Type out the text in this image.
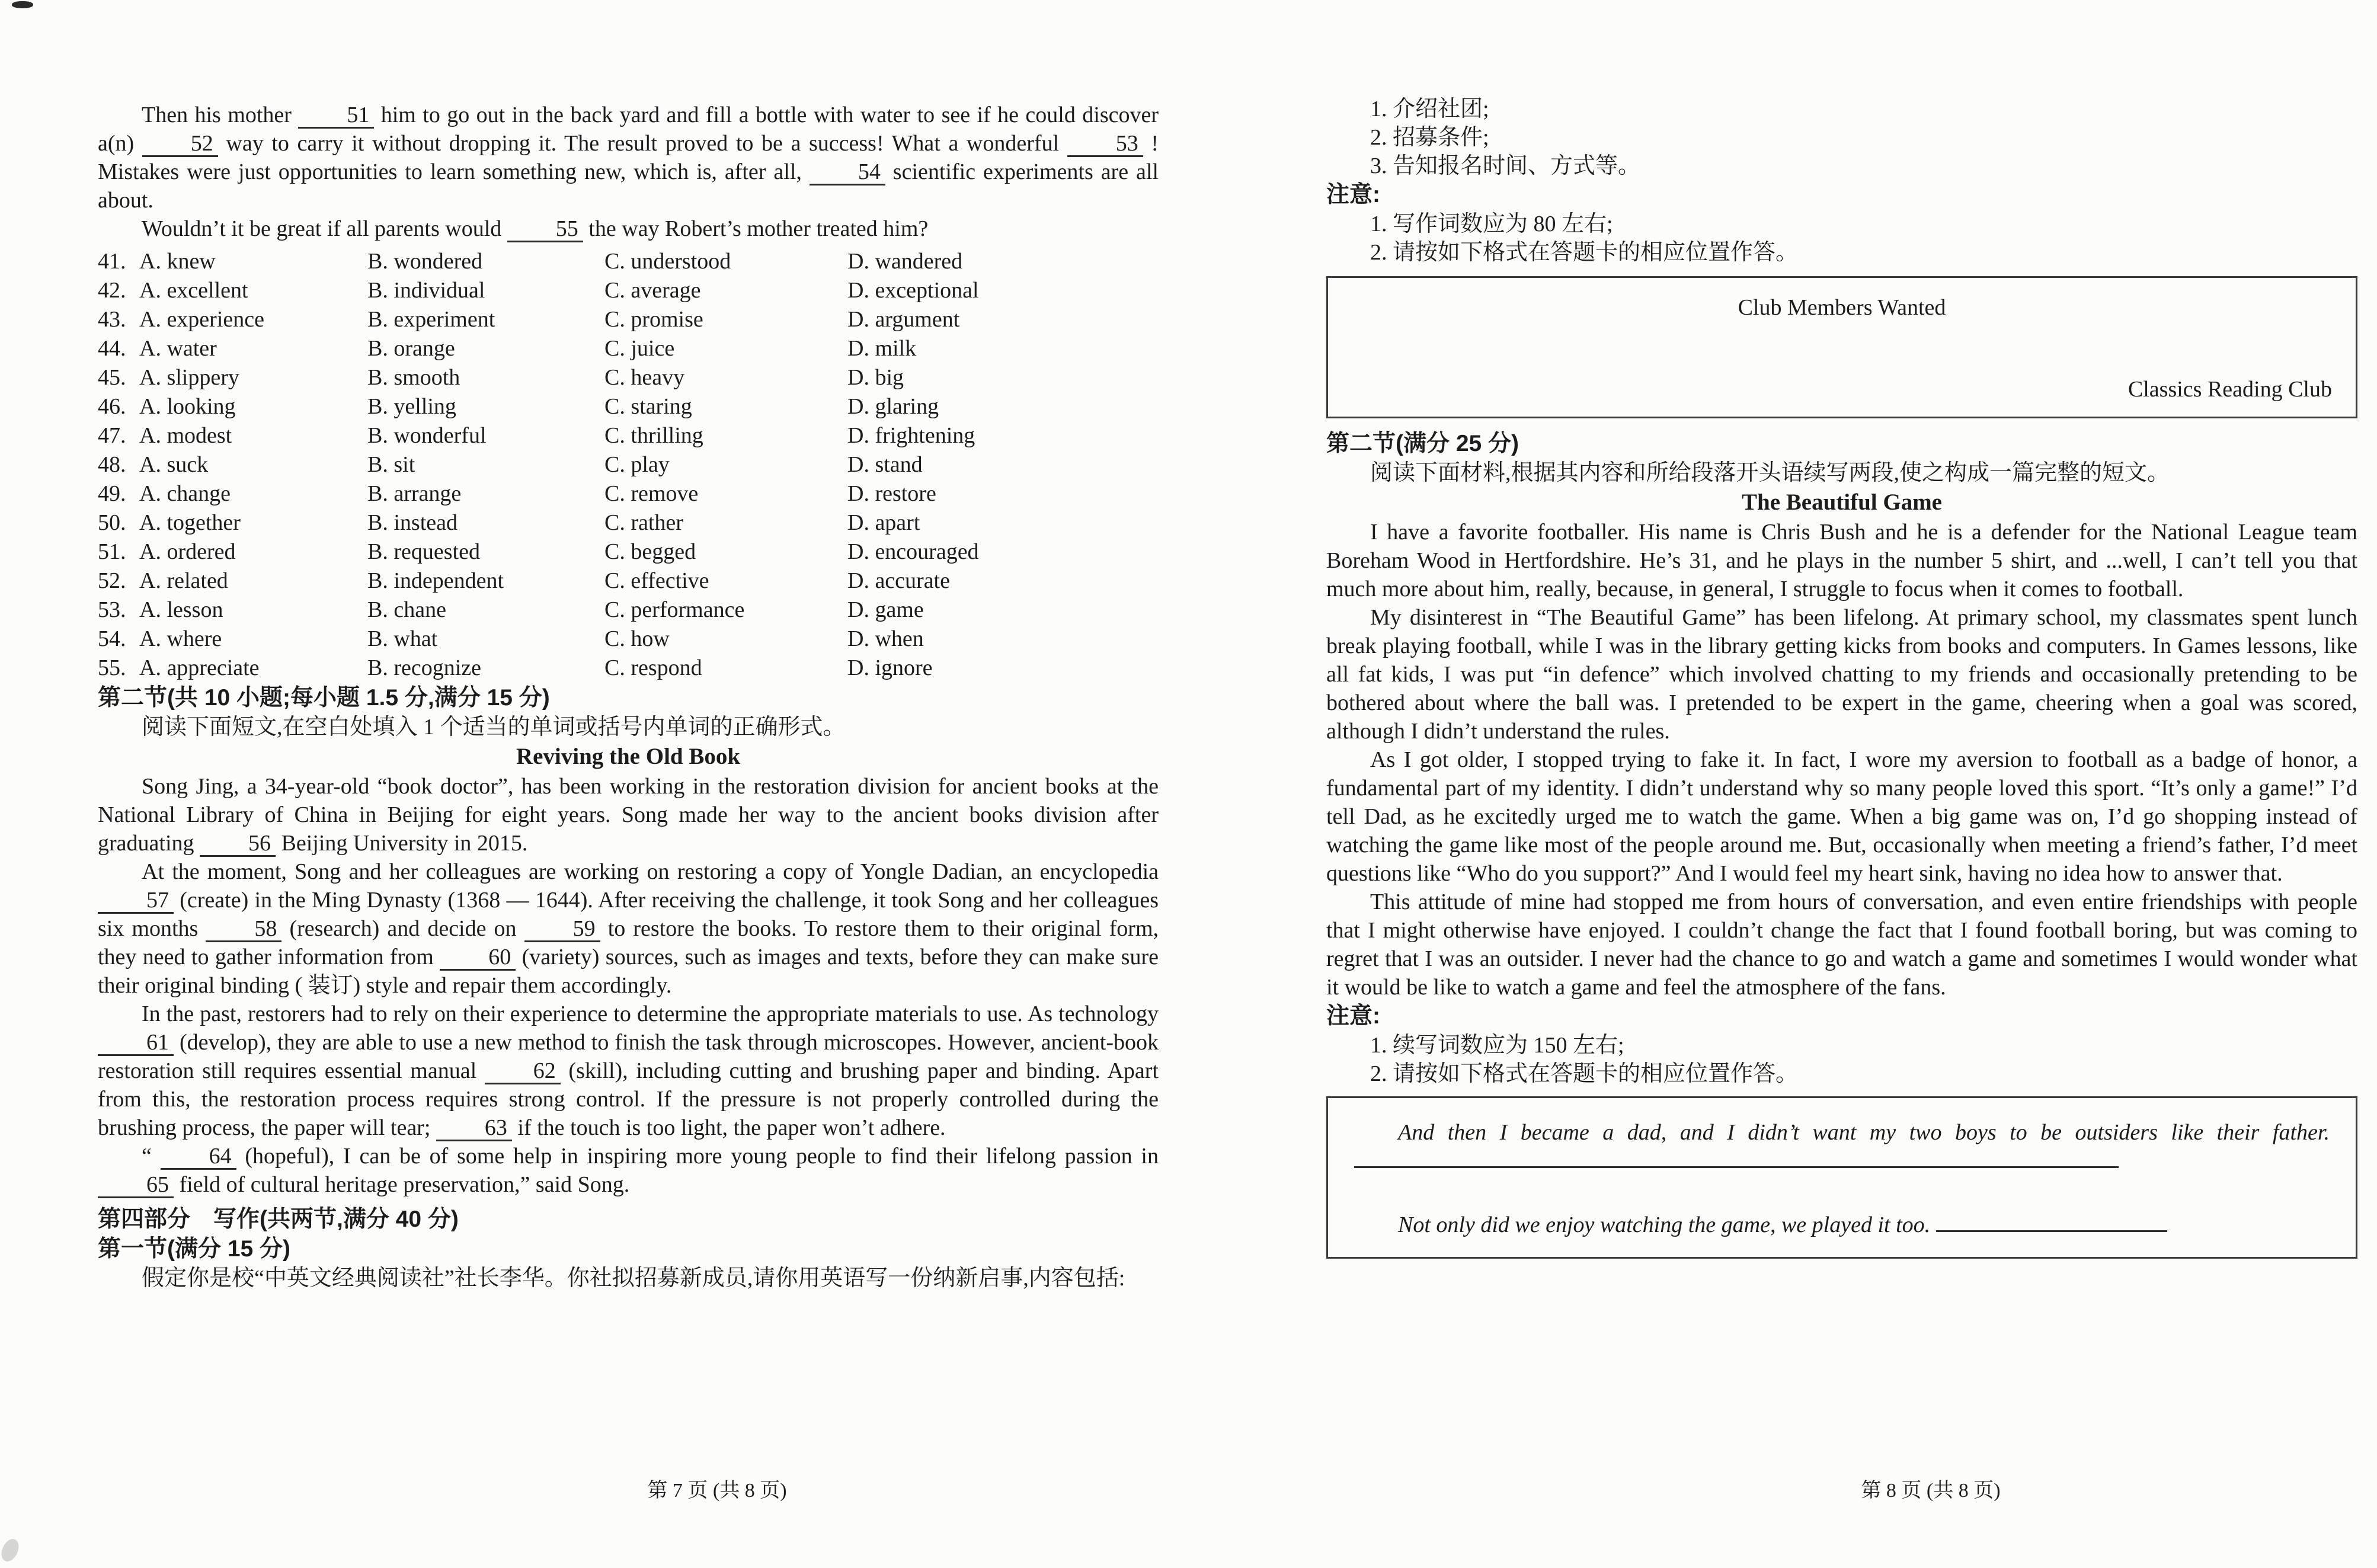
Then his mother 51 him to go out in the back yard and fill a bottle with water to see if he could discover a(n) 52 way to carry it without dropping it. The result proved to be a success! What a wonderful 53 ! Mistakes were just opportunities to learn something new, which is, after all, 54 scientific experiments are all about.

Wouldn’t it be great if all parents would 55 the way Robert’s mother treated him?

41. A. knew	B. wondered	C. understood	D. wandered
42. A. excellent	B. individual	C. average	D. exceptional
43. A. experience	B. experiment	C. promise	D. argument
44. A. water	B. orange	C. juice	D. milk
45. A. slippery	B. smooth	C. heavy	D. big
46. A. looking	B. yelling	C. staring	D. glaring
47. A. modest	B. wonderful	C. thrilling	D. frightening
48. A. suck	B. sit	C. play	D. stand
49. A. change	B. arrange	C. remove	D. restore
50. A. together	B. instead	C. rather	D. apart
51. A. ordered	B. requested	C. begged	D. encouraged
52. A. related	B. independent	C. effective	D. accurate
53. A. lesson	B. chane	C. performance	D. game
54. A. where	B. what	C. how	D. when
55. A. appreciate	B. recognize	C. respond	D. ignore

第二节(共 10 小题;每小题 1.5 分,满分 15 分)

阅读下面短文,在空白处填入 1 个适当的单词或括号内单词的正确形式。

Reviving the Old Book

Song Jing, a 34-year-old “book doctor”, has been working in the restoration division for ancient books at the National Library of China in Beijing for eight years. Song made her way to the ancient books division after graduating 56 Beijing University in 2015.

At the moment, Song and her colleagues are working on restoring a copy of Yongle Dadian, an encyclopedia 57 (create) in the Ming Dynasty (1368 — 1644). After receiving the challenge, it took Song and her colleagues six months 58 (research) and decide on 59 to restore the books. To restore them to their original form, they need to gather information from 60 (variety) sources, such as images and texts, before they can make sure their original binding ( 装订) style and repair them accordingly.

In the past, restorers had to rely on their experience to determine the appropriate materials to use. As technology 61 (develop), they are able to use a new method to finish the task through microscopes. However, ancient-book restoration still requires essential manual 62 (skill), including cutting and brushing paper and binding. Apart from this, the restoration process requires strong control. If the pressure is not properly controlled during the brushing process, the paper will tear; 63 if the touch is too light, the paper won’t adhere.

“ 64 (hopeful), I can be of some help in inspiring more young people to find their lifelong passion in 65 field of cultural heritage preservation,” said Song.

第四部分　写作(共两节,满分 40 分)

第一节(满分 15 分)

假定你是校“中英文经典阅读社”社长李华。你社拟招募新成员,请你用英语写一份纳新启事,内容包括:

第 7 页 (共 8 页)

1. 介绍社团;

2. 招募条件;

3. 告知报名时间、方式等。

注意:

1. 写作词数应为 80 左右;

2. 请按如下格式在答题卡的相应位置作答。

Club Members Wanted
Classics Reading Club

第二节(满分 25 分)

阅读下面材料,根据其内容和所给段落开头语续写两段,使之构成一篇完整的短文。

The Beautiful Game

I have a favorite footballer. His name is Chris Bush and he is a defender for the National League team Boreham Wood in Hertfordshire. He’s 31, and he plays in the number 5 shirt, and ...well, I can’t tell you that much more about him, really, because, in general, I struggle to focus when it comes to football.

My disinterest in “The Beautiful Game” has been lifelong. At primary school, my classmates spent lunch break playing football, while I was in the library getting kicks from books and computers. In Games lessons, like all fat kids, I was put “in defence” which involved chatting to my friends and occasionally pretending to be bothered about where the ball was. I pretended to be expert in the game, cheering when a goal was scored, although I didn’t understand the rules.

As I got older, I stopped trying to fake it. In fact, I wore my aversion to football as a badge of honor, a fundamental part of my identity. I didn’t understand why so many people loved this sport. “It’s only a game!” I’d tell Dad, as he excitedly urged me to watch the game. When a big game was on, I’d go shopping instead of watching the game like most of the people around me. But, occasionally when meeting a friend’s father, I’d meet questions like “Who do you support?” And I would feel my heart sink, having no idea how to answer that.

This attitude of mine had stopped me from hours of conversation, and even entire friendships with people that I might otherwise have enjoyed. I couldn’t change the fact that I found football boring, but was coming to regret that I was an outsider. I never had the chance to go and watch a game and sometimes I would wonder what it would be like to watch a game and feel the atmosphere of the fans.

注意:

1. 续写词数应为 150 左右;

2. 请按如下格式在答题卡的相应位置作答。

And then I became a dad, and I didn’t want my two boys to be outsiders like their father.

Not only did we enjoy watching the game, we played it too.

第 8 页 (共 8 页)
